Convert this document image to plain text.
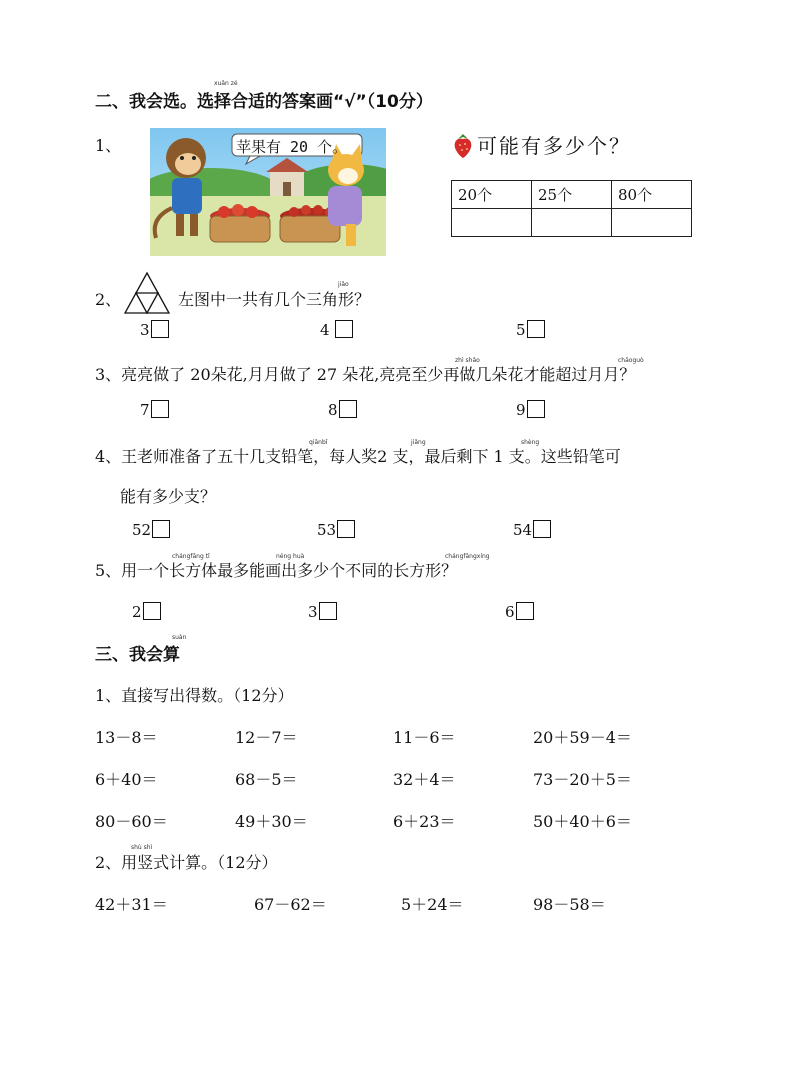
二、我会选。选择合适的答案画“√”（10分）
xuǎn zé
1、	苹果有 20 个。	可能有多少个？
20个	25个	80个

2、	左图中一共有几个三角形？
jiǎo
3	4	5
3、亮亮做了 20朵花,月月做了 27 朵花,亮亮至少再做几朵花才能超过月月？
zhì shǎo	chāoguò
7	8	9
4、王老师准备了五十几支铅笔，每人奖2 支，最后剩下 1 支。这些铅笔可
qiānbǐ	jiǎng	shèng
能有多少支？
52	53	54
5、用一个长方体最多能画出多少个不同的长方形？
chángfāng tǐ	néng huà	chángfāngxíng
2	3	6
三、我会算
suàn
1、直接写出得数。（12分）
13－8＝	12－7＝	11－6＝	20＋59－4＝
6＋40＝	68－5＝	32＋4＝	73－20＋5＝
80－60＝	49＋30＝	6＋23＝	50＋40＋6＝
2、用竖式计算。（12分）
shù shì
42＋31＝	67－62＝	5＋24＝	98－58＝
